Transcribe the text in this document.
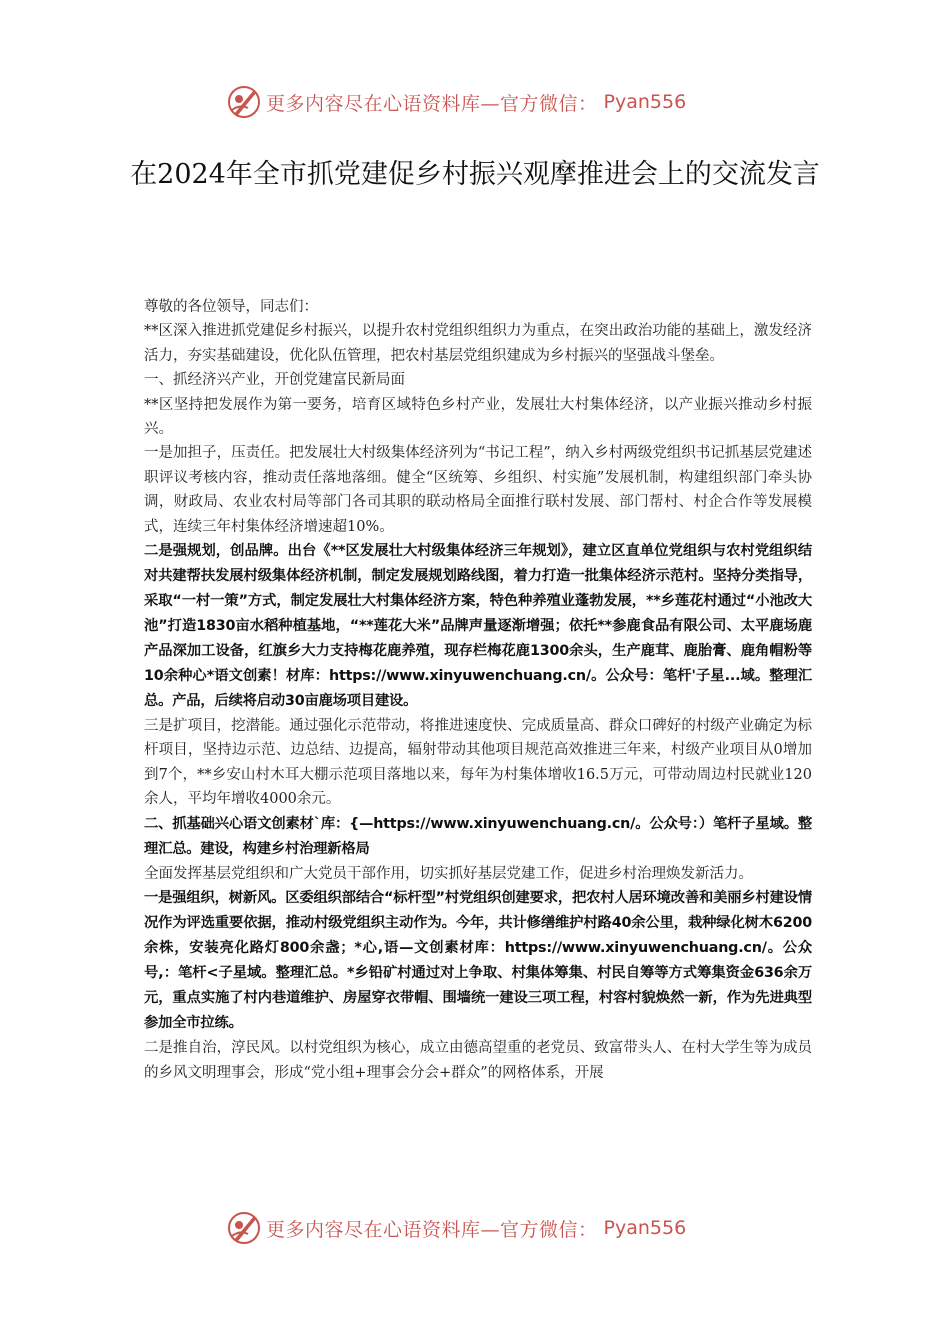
更多内容尽在心语资料库—官方微信： Pyan556
在2024年全市抓党建促乡村振兴观摩推进会上的交流发言

尊敬的各位领导，同志们：

**区深入推进抓党建促乡村振兴，以提升农村党组织组织力为重点，在突出政治功能的基础上，激发经济活力，夯实基础建设，优化队伍管理，把农村基层党组织建成为乡村振兴的坚强战斗堡垒。

一、抓经济兴产业，开创党建富民新局面

**区坚持把发展作为第一要务，培育区域特色乡村产业，发展壮大村集体经济，以产业振兴推动乡村振兴。

一是加担子，压责任。把发展壮大村级集体经济列为“书记工程”，纳入乡村两级党组织书记抓基层党建述职评议考核内容，推动责任落地落细。健全“区统筹、乡组织、村实施”发展机制，构建组织部门牵头协调，财政局、农业农村局等部门各司其职的联动格局全面推行联村发展、部门帮村、村企合作等发展模式，连续三年村集体经济增速超10%。

二是强规划，创品牌。出台《**区发展壮大村级集体经济三年规划》，建立区直单位党组织与农村党组织结对共建帮扶发展村级集体经济机制，制定发展规划路线图，着力打造一批集体经济示范村。坚持分类指导，采取“一村一策”方式，制定发展壮大村集体经济方案，特色种养殖业蓬勃发展，**乡莲花村通过“小池改大池”打造1830亩水稻种植基地，“**莲花大米”品牌声量逐渐增强；依托**参鹿食品有限公司、太平鹿场鹿产品深加工设备，红旗乡大力支持梅花鹿养殖，现存栏梅花鹿1300余头，生产鹿茸、鹿胎膏、鹿角帽粉等10余种心*语文创素！材库：https://www.xinyuwenchuang.cn/。公众号：笔杆'子星...域。整理汇总。产品，后续将启动30亩鹿场项目建设。

三是扩项目，挖潜能。通过强化示范带动，将推进速度快、完成质量高、群众口碑好的村级产业确定为标杆项目，坚持边示范、边总结、边提高，辐射带动其他项目规范高效推进三年来，村级产业项目从0增加到7个，**乡安山村木耳大棚示范项目落地以来，每年为村集体增收16.5万元，可带动周边村民就业120余人，平均年增收4000余元。

二、抓基础兴心语文创素材`库：{—https://www.xinyuwenchuang.cn/。公众号：）笔杆子星域。整理汇总。建设，构建乡村治理新格局

全面发挥基层党组织和广大党员干部作用，切实抓好基层党建工作，促进乡村治理焕发新活力。

一是强组织，树新风。区委组织部结合“标杆型”村党组织创建要求，把农村人居环境改善和美丽乡村建设情况作为评选重要依据，推动村级党组织主动作为。今年，共计修缮维护村路40余公里，栽种绿化树木6200余株，安装亮化路灯800余盏；*心,语—文创素材库：https://www.xinyuwenchuang.cn/。公众号,：笔杆<子星域。整理汇总。*乡铅矿村通过对上争取、村集体筹集、村民自筹等方式筹集资金636余万元，重点实施了村内巷道维护、房屋穿衣带帽、围墙统一建设三项工程，村容村貌焕然一新，作为先进典型参加全市拉练。

二是推自治，淳民风。以村党组织为核心，成立由德高望重的老党员、致富带头人、在村大学生等为成员的乡风文明理事会，形成“党小组+理事会分会+群众”的网格体系，开展

更多内容尽在心语资料库—官方微信： Pyan556
